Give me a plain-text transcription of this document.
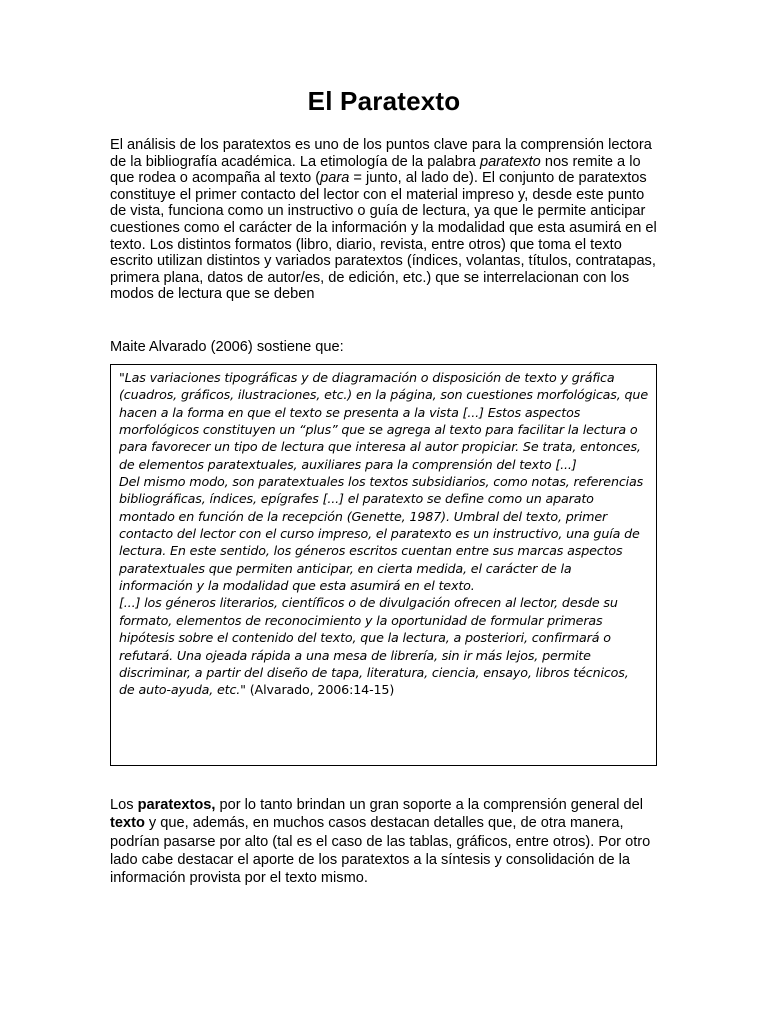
El Paratexto

El análisis de los paratextos es uno de los puntos clave para la comprensión lectora de la bibliografía académica. La etimología de la palabra paratexto nos remite a lo que rodea o acompaña al texto (para = junto, al lado de). El conjunto de paratextos constituye el primer contacto del lector con el material impreso y, desde este punto de vista, funciona como un instructivo o guía de lectura, ya que le permite anticipar cuestiones como el carácter de la información y la modalidad que esta asumirá en el texto. Los distintos formatos (libro, diario, revista, entre otros) que toma el texto escrito utilizan distintos y variados paratextos (índices, volantas, títulos, contratapas, primera plana, datos de autor/es, de edición, etc.) que se interrelacionan con los modos de lectura que se deben

Maite Alvarado (2006) sostiene que:

"Las variaciones tipográficas y de diagramación o disposición de texto y gráfica (cuadros, gráficos, ilustraciones, etc.) en la página, son cuestiones morfológicas, que hacen a la forma en que el texto se presenta a la vista [...] Estos aspectos morfológicos constituyen un “plus” que se agrega al texto para facilitar la lectura o para favorecer un tipo de lectura que interesa al autor propiciar. Se trata, entonces, de elementos paratextuales, auxiliares para la comprensión del texto [...]

Del mismo modo, son paratextuales los textos subsidiarios, como notas, referencias bibliográficas, índices, epígrafes [...] el paratexto se define como un aparato montado en función de la recepción (Genette, 1987). Umbral del texto, primer contacto del lector con el curso impreso, el paratexto es un instructivo, una guía de lectura. En este sentido, los géneros escritos cuentan entre sus marcas aspectos paratextuales que permiten anticipar, en cierta medida, el carácter de la información y la modalidad que esta asumirá en el texto.

[...] los géneros literarios, científicos o de divulgación ofrecen al lector, desde su formato, elementos de reconocimiento y la oportunidad de formular primeras hipótesis sobre el contenido del texto, que la lectura, a posteriori, confirmará o refutará. Una ojeada rápida a una mesa de librería, sin ir más lejos, permite discriminar, a partir del diseño de tapa, literatura, ciencia, ensayo, libros técnicos, de auto-ayuda, etc." (Alvarado, 2006:14-15)

Los paratextos, por lo tanto brindan un gran soporte a la comprensión general del texto y que, además, en muchos casos destacan detalles que, de otra manera, podrían pasarse por alto (tal es el caso de las tablas, gráficos, entre otros). Por otro lado cabe destacar el aporte de los paratextos a la síntesis y consolidación de la información provista por el texto mismo.
